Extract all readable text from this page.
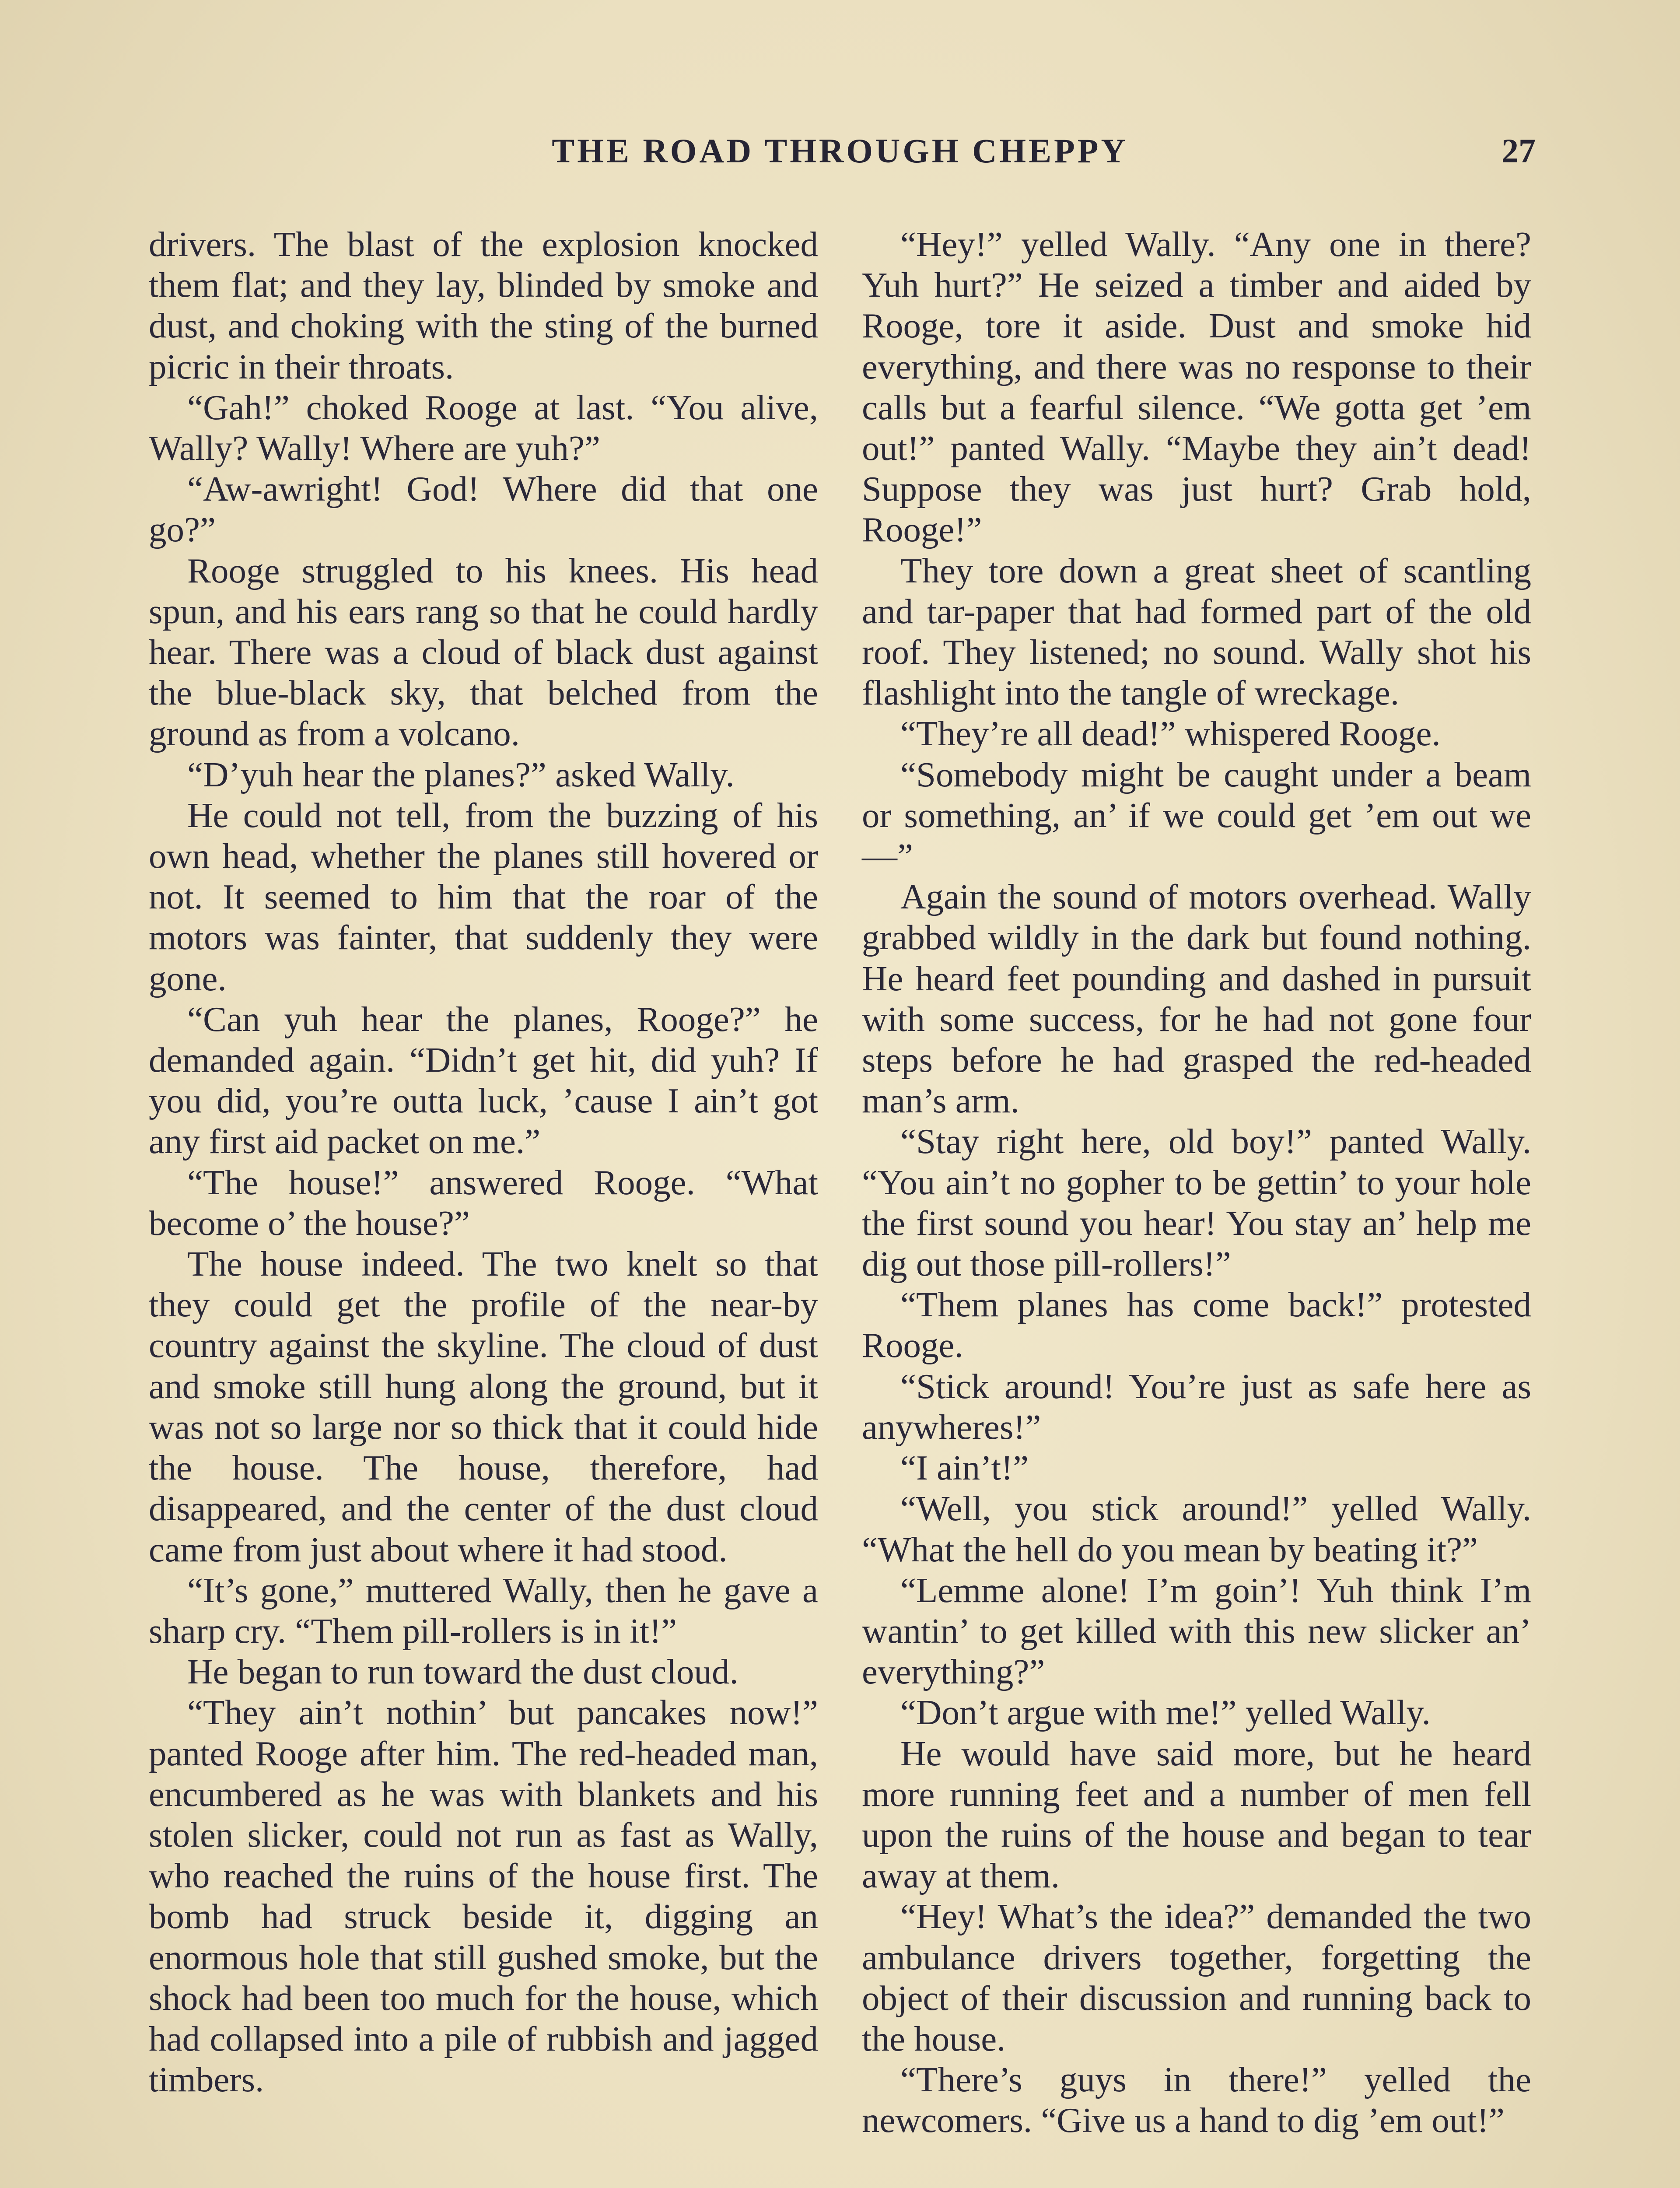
THE ROAD THROUGH CHEPPY	27

drivers. The blast of the explosion knocked them flat; and they lay, blinded by smoke and dust, and choking with the sting of the burned picric in their throats.

“Gah!” choked Rooge at last. “You alive, Wally? Wally! Where are yuh?”

“Aw-awright! God! Where did that one go?”

Rooge struggled to his knees. His head spun, and his ears rang so that he could hardly hear. There was a cloud of black dust against the blue-black sky, that belched from the ground as from a volcano.

“D’yuh hear the planes?” asked Wally.

He could not tell, from the buzzing of his own head, whether the planes still hovered or not. It seemed to him that the roar of the motors was fainter, that suddenly they were gone.

“Can yuh hear the planes, Rooge?” he demanded again. “Didn’t get hit, did yuh? If you did, you’re outta luck, ’cause I ain’t got any first aid packet on me.”

“The house!” answered Rooge. “What become o’ the house?”

The house indeed. The two knelt so that they could get the profile of the near-by country against the skyline. The cloud of dust and smoke still hung along the ground, but it was not so large nor so thick that it could hide the house. The house, therefore, had disappeared, and the center of the dust cloud came from just about where it had stood.

“It’s gone,” muttered Wally, then he gave a sharp cry. “Them pill-rollers is in it!”

He began to run toward the dust cloud.

“They ain’t nothin’ but pancakes now!” panted Rooge after him. The red-headed man, encumbered as he was with blankets and his stolen slicker, could not run as fast as Wally, who reached the ruins of the house first. The bomb had struck beside it, digging an enormous hole that still gushed smoke, but the shock had been too much for the house, which had collapsed into a pile of rubbish and jagged timbers.

“Hey!” yelled Wally. “Any one in there? Yuh hurt?” He seized a timber and aided by Rooge, tore it aside. Dust and smoke hid everything, and there was no response to their calls but a fearful silence. “We gotta get ’em out!” panted Wally. “Maybe they ain’t dead! Suppose they was just hurt? Grab hold, Rooge!”

They tore down a great sheet of scantling and tar-paper that had formed part of the old roof. They listened; no sound. Wally shot his flashlight into the tangle of wreckage.

“They’re all dead!” whispered Rooge.

“Somebody might be caught under a beam or something, an’ if we could get ’em out we—”

Again the sound of motors overhead. Wally grabbed wildly in the dark but found nothing. He heard feet pounding and dashed in pursuit with some success, for he had not gone four steps before he had grasped the red-headed man’s arm.

“Stay right here, old boy!” panted Wally. “You ain’t no gopher to be gettin’ to your hole the first sound you hear! You stay an’ help me dig out those pill-rollers!”

“Them planes has come back!” protested Rooge.

“Stick around! You’re just as safe here as anywheres!”

“I ain’t!”

“Well, you stick around!” yelled Wally. “What the hell do you mean by beating it?”

“Lemme alone! I’m goin’! Yuh think I’m wantin’ to get killed with this new slicker an’ everything?”

“Don’t argue with me!” yelled Wally.

He would have said more, but he heard more running feet and a number of men fell upon the ruins of the house and began to tear away at them.

“Hey! What’s the idea?” demanded the two ambulance drivers together, forgetting the object of their discussion and running back to the house.

“There’s guys in there!” yelled the newcomers. “Give us a hand to dig ’em out!”
